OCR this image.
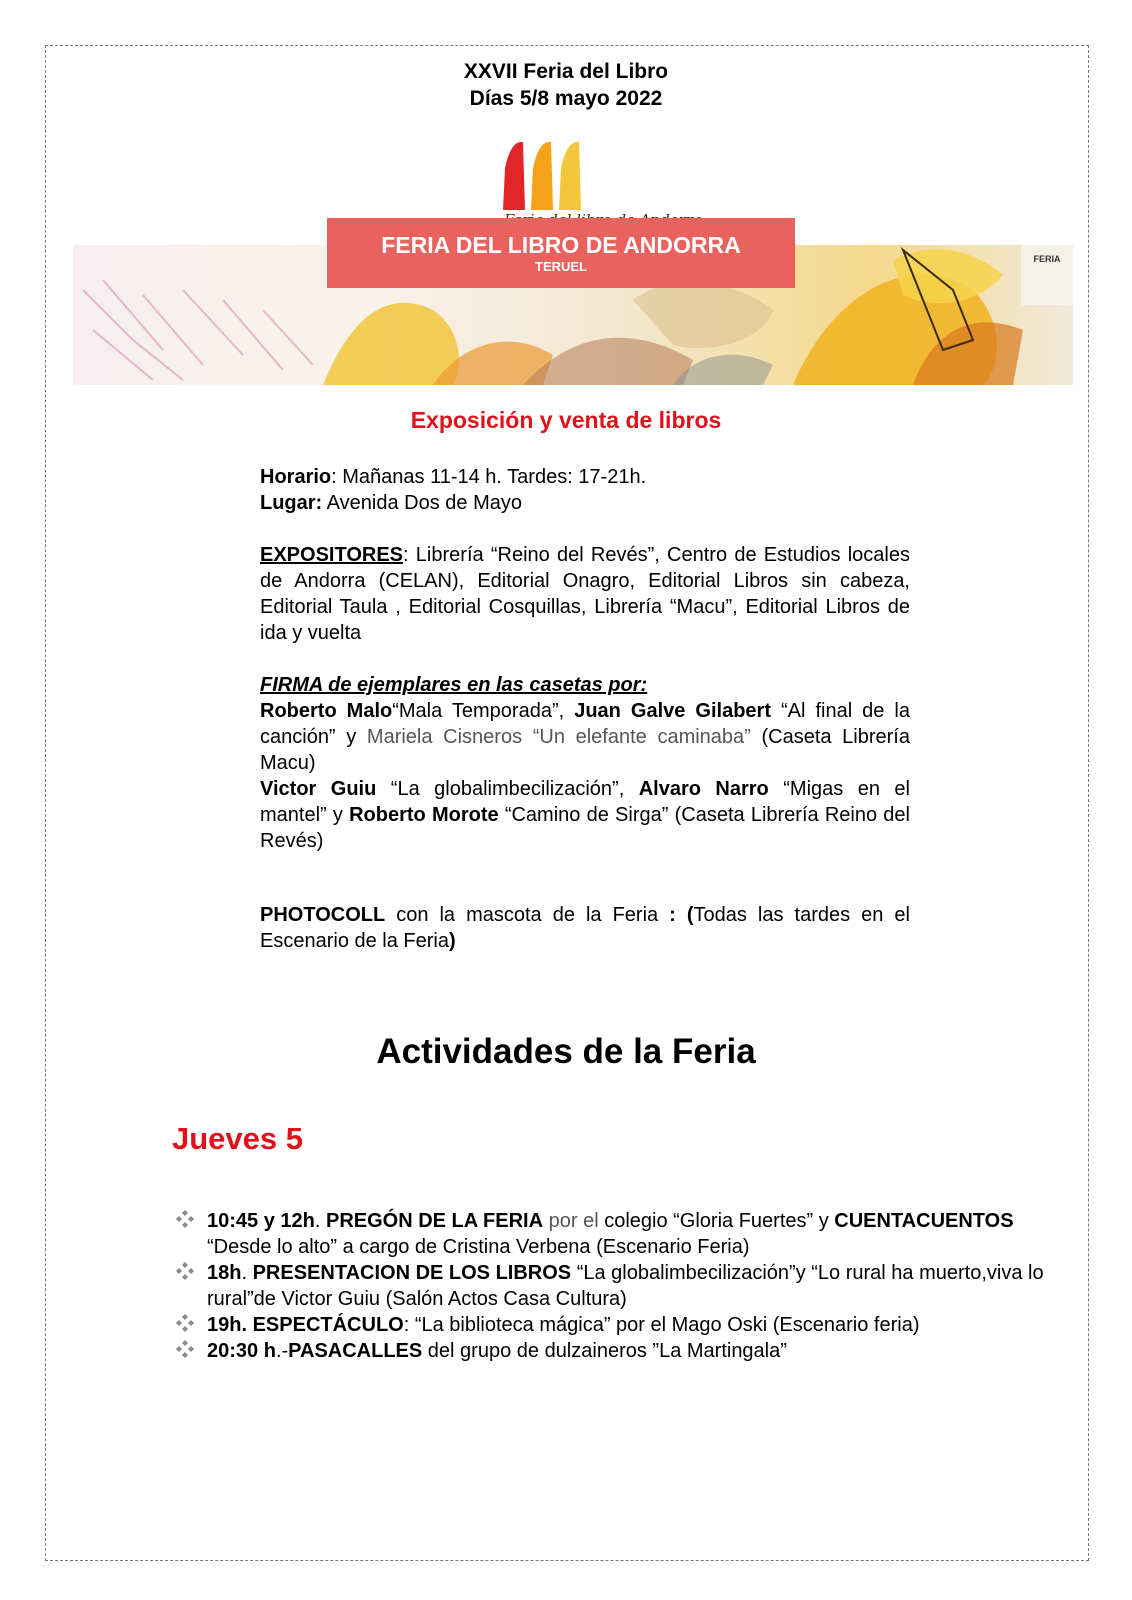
XXVII Feria del Libro
Días 5/8 mayo 2022
FERIA
FERIA DEL LIBRO DE ANDORRA
TERUEL
Exposición y venta de libros

Horario: Mañanas 11-14 h. Tardes: 17-21h.

Lugar: Avenida Dos de Mayo

EXPOSITORES: Librería “Reino del Revés”, Centro de Estudios locales de Andorra (CELAN), Editorial Onagro, Editorial Libros sin cabeza, Editorial Taula , Editorial Cosquillas, Librería “Macu”, Editorial Libros de ida y vuelta

FIRMA de ejemplares en las casetas por:

Roberto Malo“Mala Temporada”, Juan Galve Gilabert “Al final de la canción” y Mariela Cisneros “Un elefante caminaba” (Caseta Librería Macu)

Victor Guiu “La globalimbecilización”, Alvaro Narro “Migas en el mantel” y Roberto Morote “Camino de Sirga” (Caseta Librería Reino del Revés)

PHOTOCOLL con la mascota de la Feria : (Todas las tardes en el Escenario de la Feria)

Actividades de la Feria
Jueves 5
10:45 y 12h. PREGÓN DE LA FERIA por el colegio “Gloria Fuertes” y CUENTACUENTOS “Desde lo alto” a cargo de Cristina Verbena (Escenario Feria)
18h. PRESENTACION DE LOS LIBROS “La globalimbecilización”y “Lo rural ha muerto,viva lo rural”de Victor Guiu (Salón Actos Casa Cultura)
19h. ESPECTÁCULO: “La biblioteca mágica” por el Mago Oski (Escenario feria)
20:30 h.-PASACALLES del grupo de dulzaineros ”La Martingala”
